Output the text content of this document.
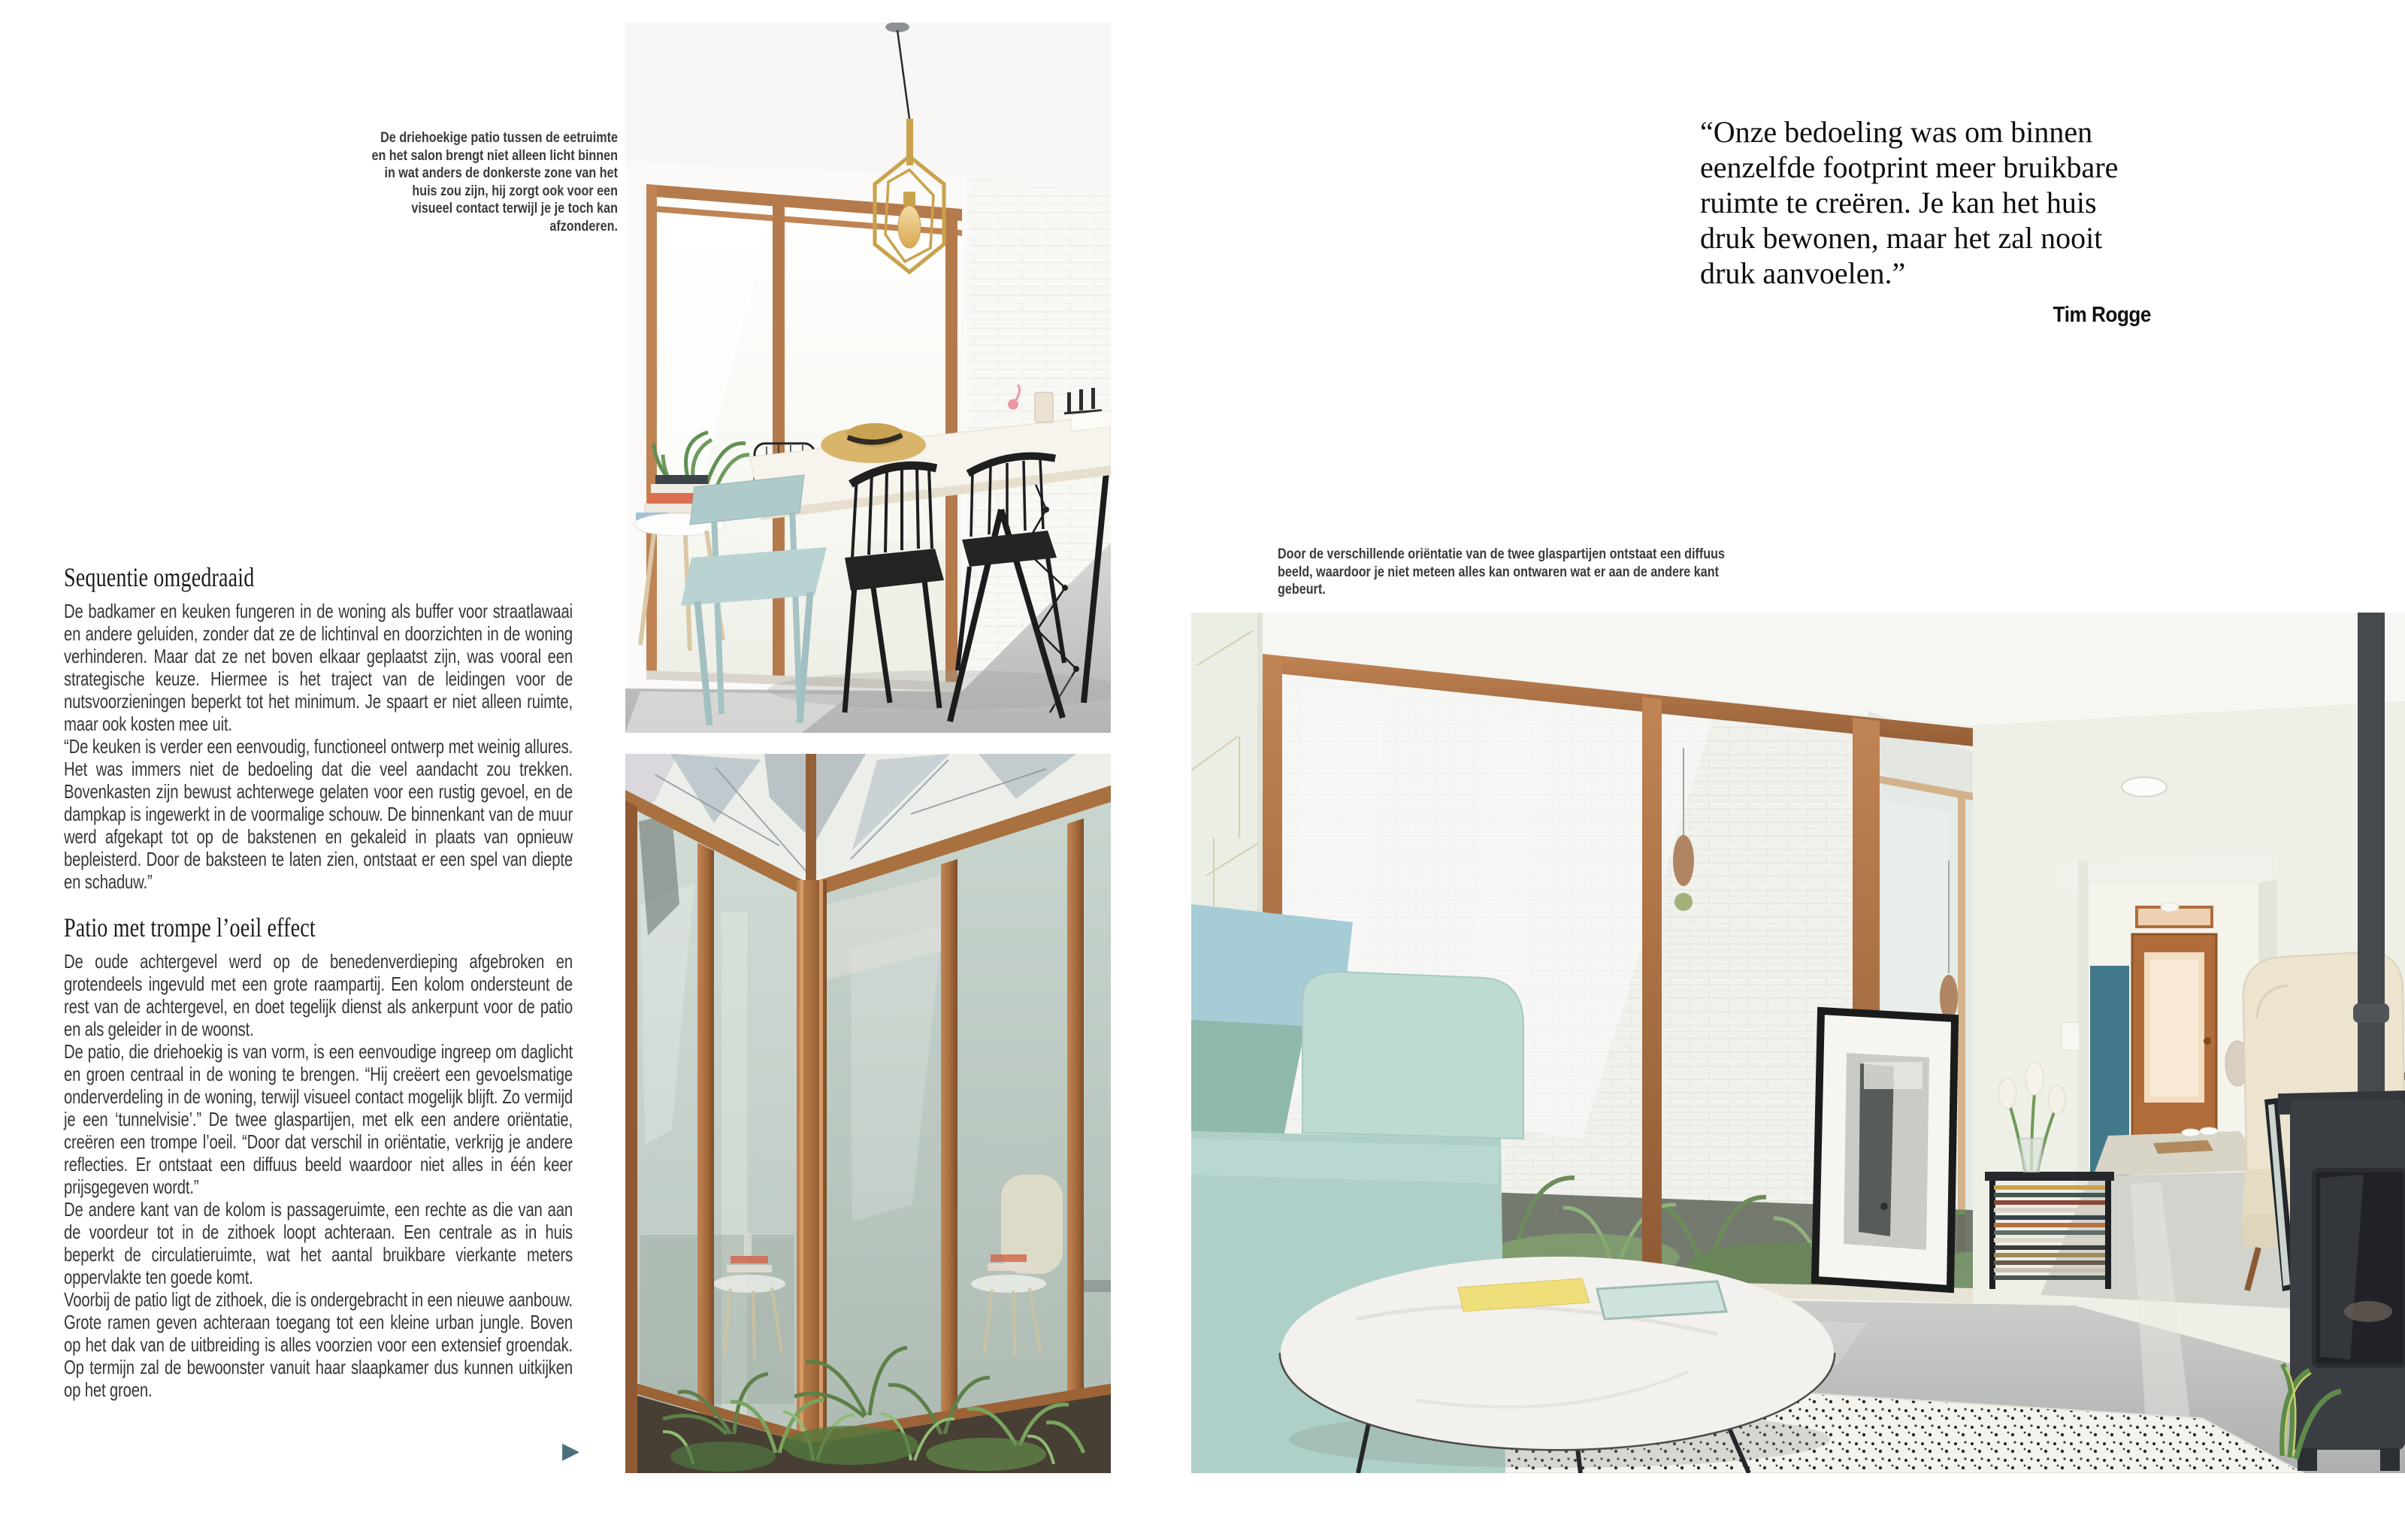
De driehoekige patio tussen de eetruimte en het salon brengt niet alleen licht binnen in wat anders de donkerste zone van het huis zou zijn, hij zorgt ook voor een visueel contact terwijl je je toch kan afzonderen.

“Onze bedoeling was om binnen eenzelfde footprint meer bruikbare ruimte te creëren. Je kan het huis druk bewonen, maar het zal nooit druk aanvoelen.”

Tim Rogge
Door de verschillende oriëntatie van de twee glaspartijen ontstaat een diffuus beeld, waardoor je niet meteen alles kan ontwaren wat er aan de andere kant gebeurt.
Sequentie omgedraaid

De badkamer en keuken fungeren in de woning als buffer voor straatlawaai en andere geluiden, zonder dat ze de lichtinval en doorzichten in de woning verhinderen. Maar dat ze net boven elkaar geplaatst zijn, was vooral een strategische keuze. Hiermee is het traject van de leidingen voor de nutsvoorzieningen beperkt tot het minimum. Je spaart er niet alleen ruimte, maar ook kosten mee uit.

“De keuken is verder een eenvoudig, functioneel ontwerp met weinig allures. Het was immers niet de bedoeling dat die veel aandacht zou trekken. Bovenkasten zijn bewust achterwege gelaten voor een rustig gevoel, en de dampkap is ingewerkt in de voormalige schouw. De binnenkant van de muur werd afgekapt tot op de bakstenen en gekaleid in plaats van opnieuw bepleisterd. Door de baksteen te laten zien, ontstaat er een spel van diepte en schaduw.”

Patio met trompe l’oeil effect

De oude achtergevel werd op de benedenverdieping afgebroken en grotendeels ingevuld met een grote raampartij. Een kolom ondersteunt de rest van de achtergevel, en doet tegelijk dienst als ankerpunt voor de patio en als geleider in de woonst.

De patio, die driehoekig is van vorm, is een eenvoudige ingreep om daglicht en groen centraal in de woning te brengen. “Hij creëert een gevoelsmatige onderverdeling in de woning, terwijl visueel contact mogelijk blijft. Zo vermijd je een ‘tunnelvisie’.” De twee glaspartijen, met elk een andere oriëntatie, creëren een trompe l’oeil. “Door dat verschil in oriëntatie, verkrijg je andere reflecties. Er ontstaat een diffuus beeld waardoor niet alles in één keer prijsgegeven wordt.”

De andere kant van de kolom is passageruimte, een rechte as die van aan de voordeur tot in de zithoek loopt achteraan. Een centrale as in huis beperkt de circulatieruimte, wat het aantal bruikbare vierkante meters oppervlakte ten goede komt.

Voorbij de patio ligt de zithoek, die is ondergebracht in een nieuwe aanbouw. Grote ramen geven achteraan toegang tot een kleine urban jungle. Boven op het dak van de uitbreiding is alles voorzien voor een extensief groendak. Op termijn zal de bewoonster vanuit haar slaapkamer dus kunnen uitkijken op het groen.

▶
